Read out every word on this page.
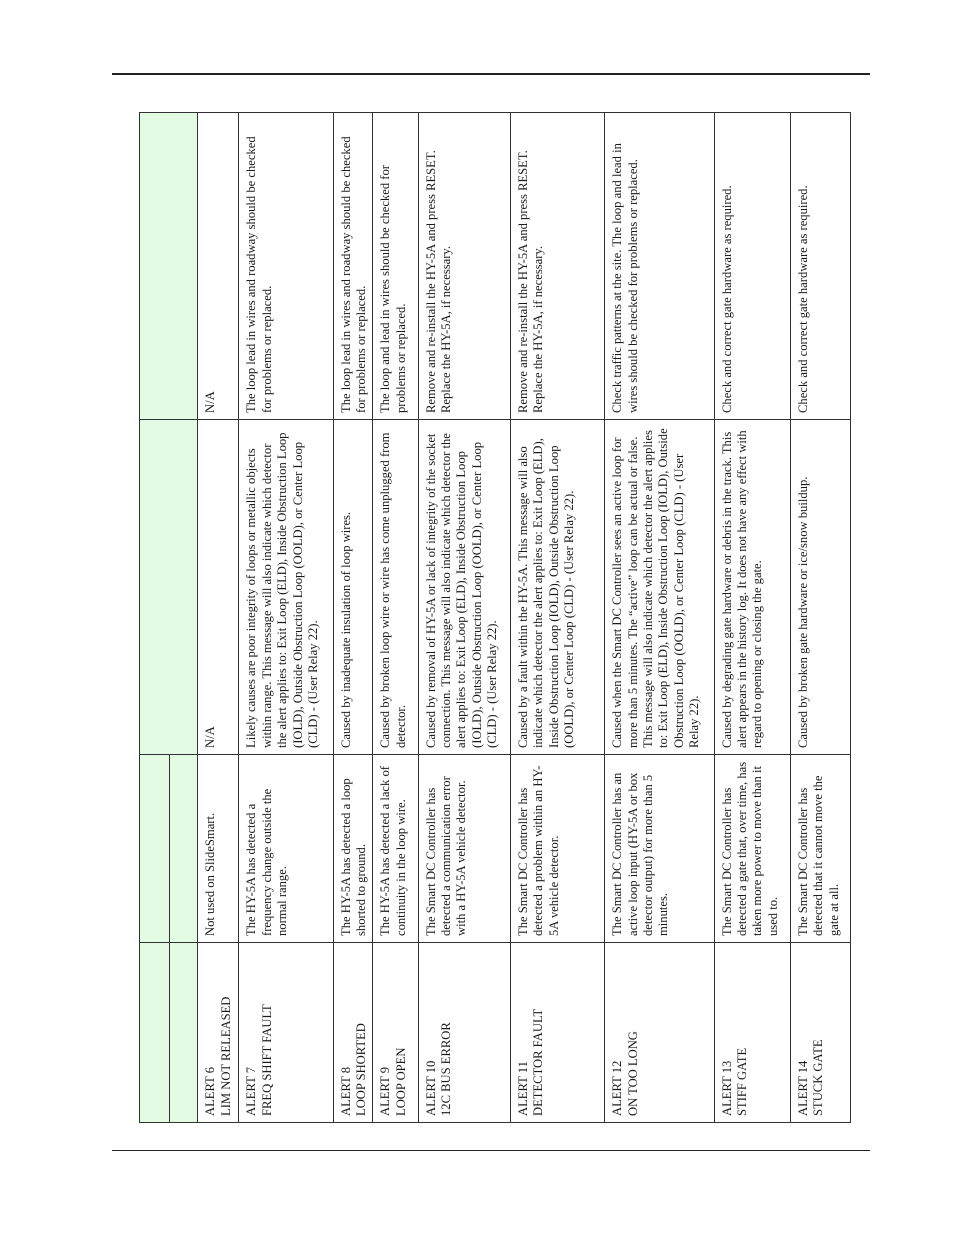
ALERT 6
LIM NOT RELEASED	Not used on SlideSmart.	N/A	N/A
ALERT 7
FREQ SHIFT FAULT	The HY-5A has detected a frequency change outside the normal range.	Likely causes are poor integrity of loops or metallic objects within range. This message will also indicate which detector the alert applies to: Exit Loop (ELD), Inside Obstruction Loop (IOLD), Outside Obstruction Loop (OOLD), or Center Loop (CLD) - (User Relay 22).	The loop lead in wires and roadway should be checked for problems or replaced.
ALERT 8
LOOP SHORTED	The HY-5A has detected a loop shorted to ground.	Caused by inadequate insulation of loop wires.	The loop lead in wires and roadway should be checked for problems or replaced.
ALERT 9
LOOP OPEN	The HY-5A has detected a lack of continuity in the loop wire.	Caused by broken loop wire or wire has come unplugged from detector.	The loop and lead in wires should be checked for problems or replaced.
ALERT 10
12C BUS ERROR	The Smart DC Controller has detected a communication error with a HY-5A vehicle detector.	Caused by removal of HY-5A or lack of integrity of the socket connection. This message will also indicate which detector the alert applies to: Exit Loop (ELD), Inside Obstruction Loop (IOLD), Outside Obstruction Loop (OOLD), or Center Loop (CLD) - (User Relay 22).	Remove and re-install the HY-5A and press RESET. Replace the HY-5A, if necessary.
ALERT 11
DETECTOR FAULT	The Smart DC Controller has detected a problem within an HY-5A vehicle detector.	Caused by a fault within the HY-5A. This message will also indicate which detector the alert applies to: Exit Loop (ELD), Inside Obstruction Loop (IOLD), Outside Obstruction Loop (OOLD), or Center Loop (CLD) - (User Relay 22).	Remove and re-install the HY-5A and press RESET. Replace the HY-5A, if necessary.
ALERT 12
ON TOO LONG	The Smart DC Controller has an active loop input (HY-5A or box detector output) for more than 5 minutes.	Caused when the Smart DC Controller sees an active loop for more than 5 minutes. The “active” loop can be actual or false. This message will also indicate which detector the alert applies to: Exit Loop (ELD), Inside Obstruction Loop (IOLD), Outside Obstruction Loop (OOLD), or Center Loop (CLD) - (User Relay 22).	Check traffic patterns at the site. The loop and lead in wires should be checked for problems or replaced.
ALERT 13
STIFF GATE	The Smart DC Controller has detected a gate that, over time, has taken more power to move than it used to.	Caused by degrading gate hardware or debris in the track. This alert appears in the history log. It does not have any effect with regard to opening or closing the gate.	Check and correct gate hardware as required.
ALERT 14
STUCK GATE	The Smart DC Controller has detected that it cannot move the gate at all.	Caused by broken gate hardware or ice/snow buildup.	Check and correct gate hardware as required.
